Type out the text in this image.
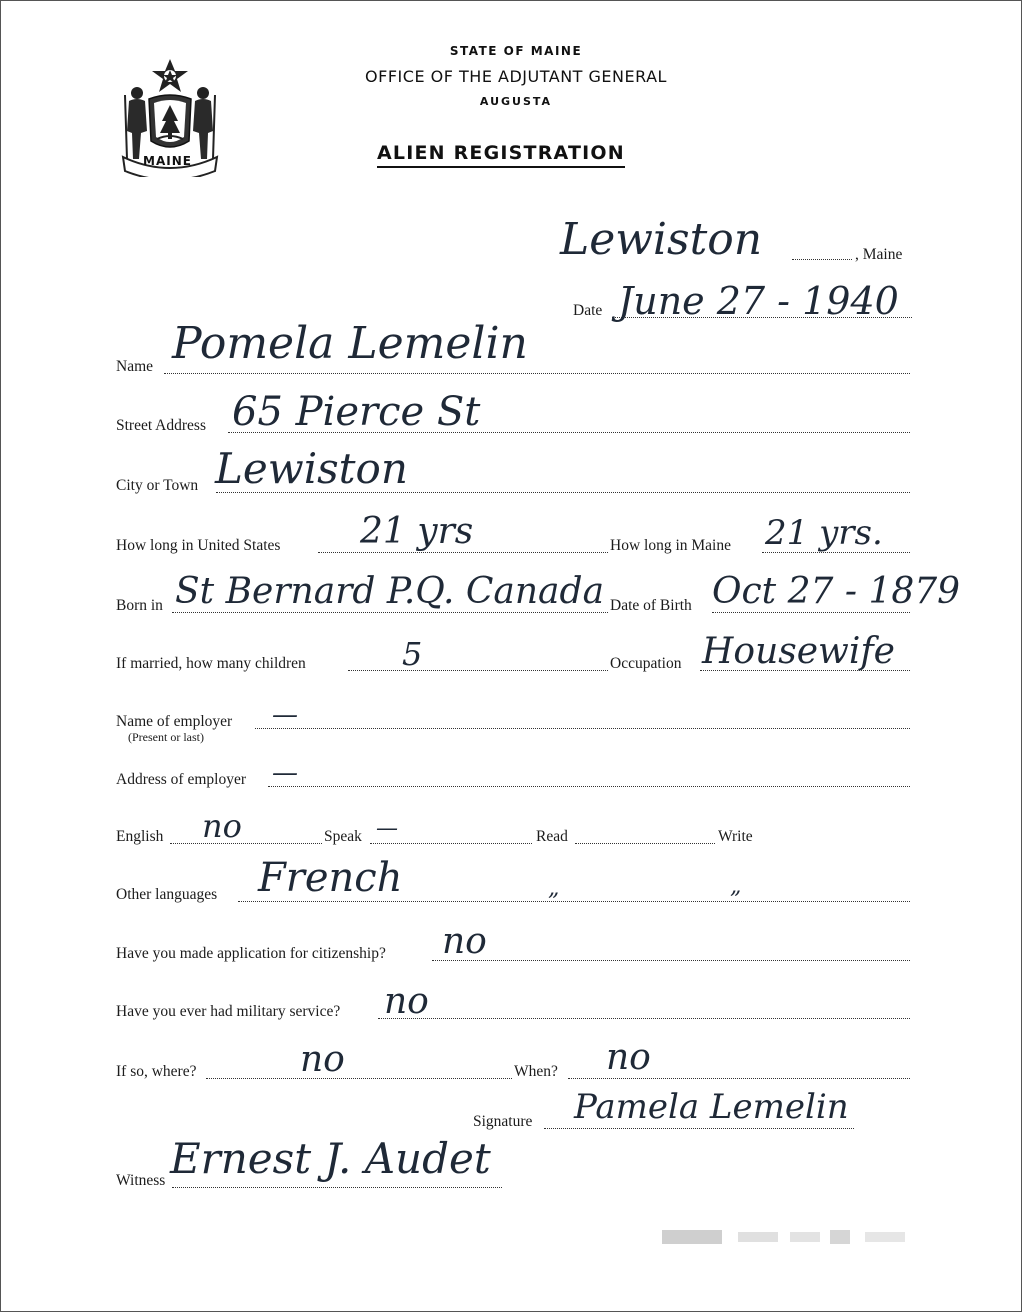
MAINE
STATE OF MAINE
OFFICE OF THE ADJUTANT GENERAL
AUGUSTA
ALIEN REGISTRATION
Lewiston	, Maine
Date June 27 - 1940
Name Pomela Lemelin
Street Address 65 Pierce St
City or Town Lewiston
How long in United States 21 yrs	How long in Maine 21 yrs.
Born in St Bernard P.Q. Canada Date of Birth Oct 27 - 1879
If married, how many children	5	Occupation Housewife
Name of employer
(Present or last)
—
Address of employer —
English no	Speak —	Read	Write
Other languages French	„	„
Have you made application for citizenship? no
Have you ever had military service? no
If so, where?	no	When? no
Signature Pamela Lemelin
Witness Ernest J. Audet
